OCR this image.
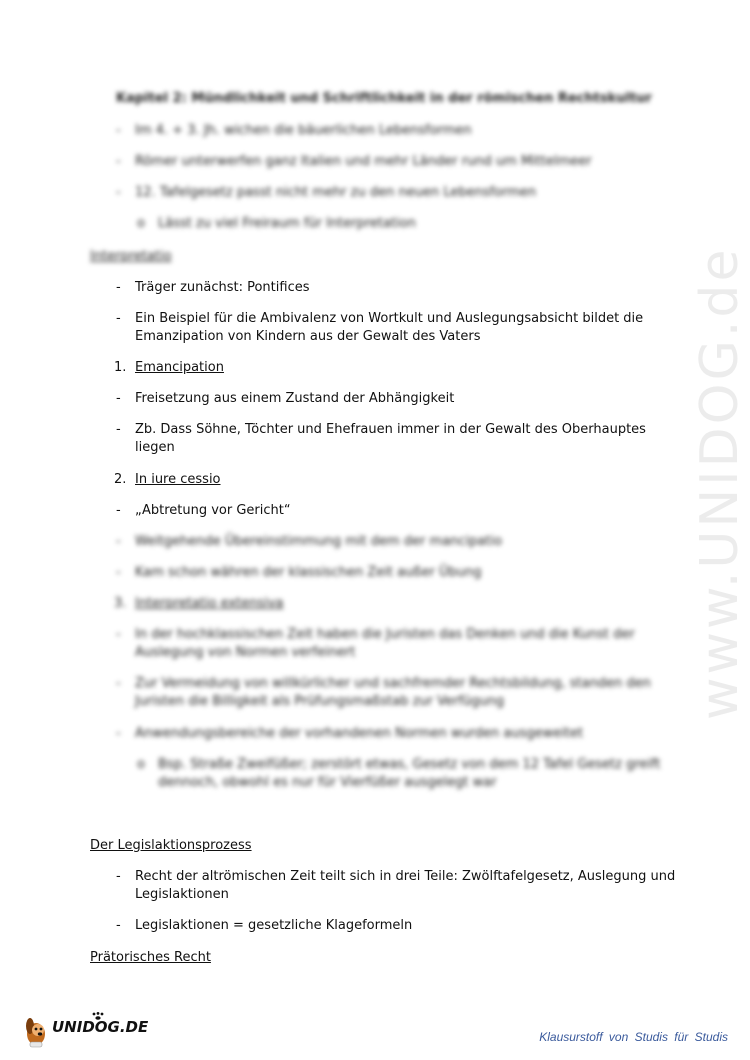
Kapitel 2: Mündlichkeit und Schriftlichkeit in der römischen Rechtskultur
- Im 4. + 3. Jh. wichen die bäuerlichen Lebensformen
- Römer unterwerfen ganz Italien und mehr Länder rund um Mittelmeer
- 12. Tafelgesetz passt nicht mehr zu den neuen Lebensformen
o Lässt zu viel Freiraum für Interpretation
Interpretatio
- Träger zunächst: Pontifices
- Ein Beispiel für die Ambivalenz von Wortkult und Auslegungsabsicht bildet die
Emanzipation von Kindern aus der Gewalt des Vaters
1. Emancipation
- Freisetzung aus einem Zustand der Abhängigkeit
- Zb. Dass Söhne, Töchter und Ehefrauen immer in der Gewalt des Oberhauptes
liegen
2. In iure cessio
- „Abtretung vor Gericht“
- Weitgehende Übereinstimmung mit dem der mancipatio
- Kam schon währen der klassischen Zeit außer Übung
3. Interpretatio extensiva
- In der hochklassischen Zeit haben die Juristen das Denken und die Kunst der
Auslegung von Normen verfeinert
- Zur Vermeidung von willkürlicher und sachfremder Rechtsbildung, standen den
Juristen die Billigkeit als Prüfungsmaßstab zur Verfügung
- Anwendungsbereiche der vorhandenen Normen wurden ausgeweitet
o Bsp. Straße Zweifüßer; zerstört etwas, Gesetz von dem 12 Tafel Gesetz greift
dennoch, obwohl es nur für Vierfüßer ausgelegt war
Der Legislaktionsprozess
- Recht der altrömischen Zeit teilt sich in drei Teile: Zwölftafelgesetz, Auslegung und
Legislaktionen
- Legislaktionen = gesetzliche Klageformeln
Prätorisches Recht
www.UNIDOG.de
UNIDOG.DE
Klausurstoff von Studis für Studis
